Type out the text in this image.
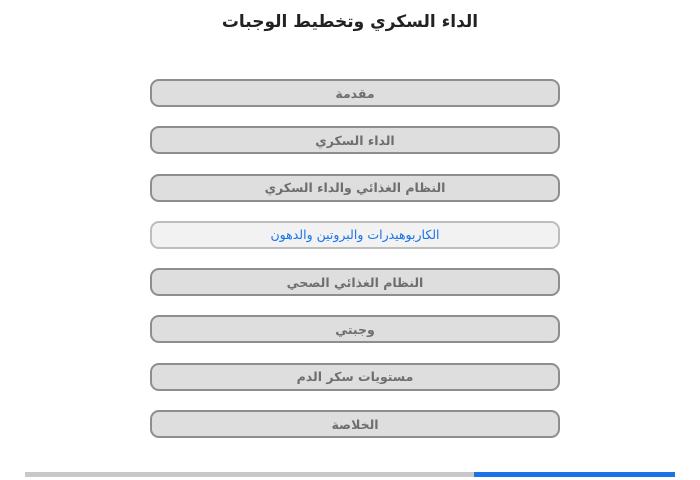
الداء السكري وتخطيط الوجبات
مقدمة
الداء السكري
النظام الغذائي والداء السكري
الكاربوهيدرات والبروتين والدهون
النظام الغذائي الصحي
وجبتي
مستويات سكر الدم
الخلاصة
